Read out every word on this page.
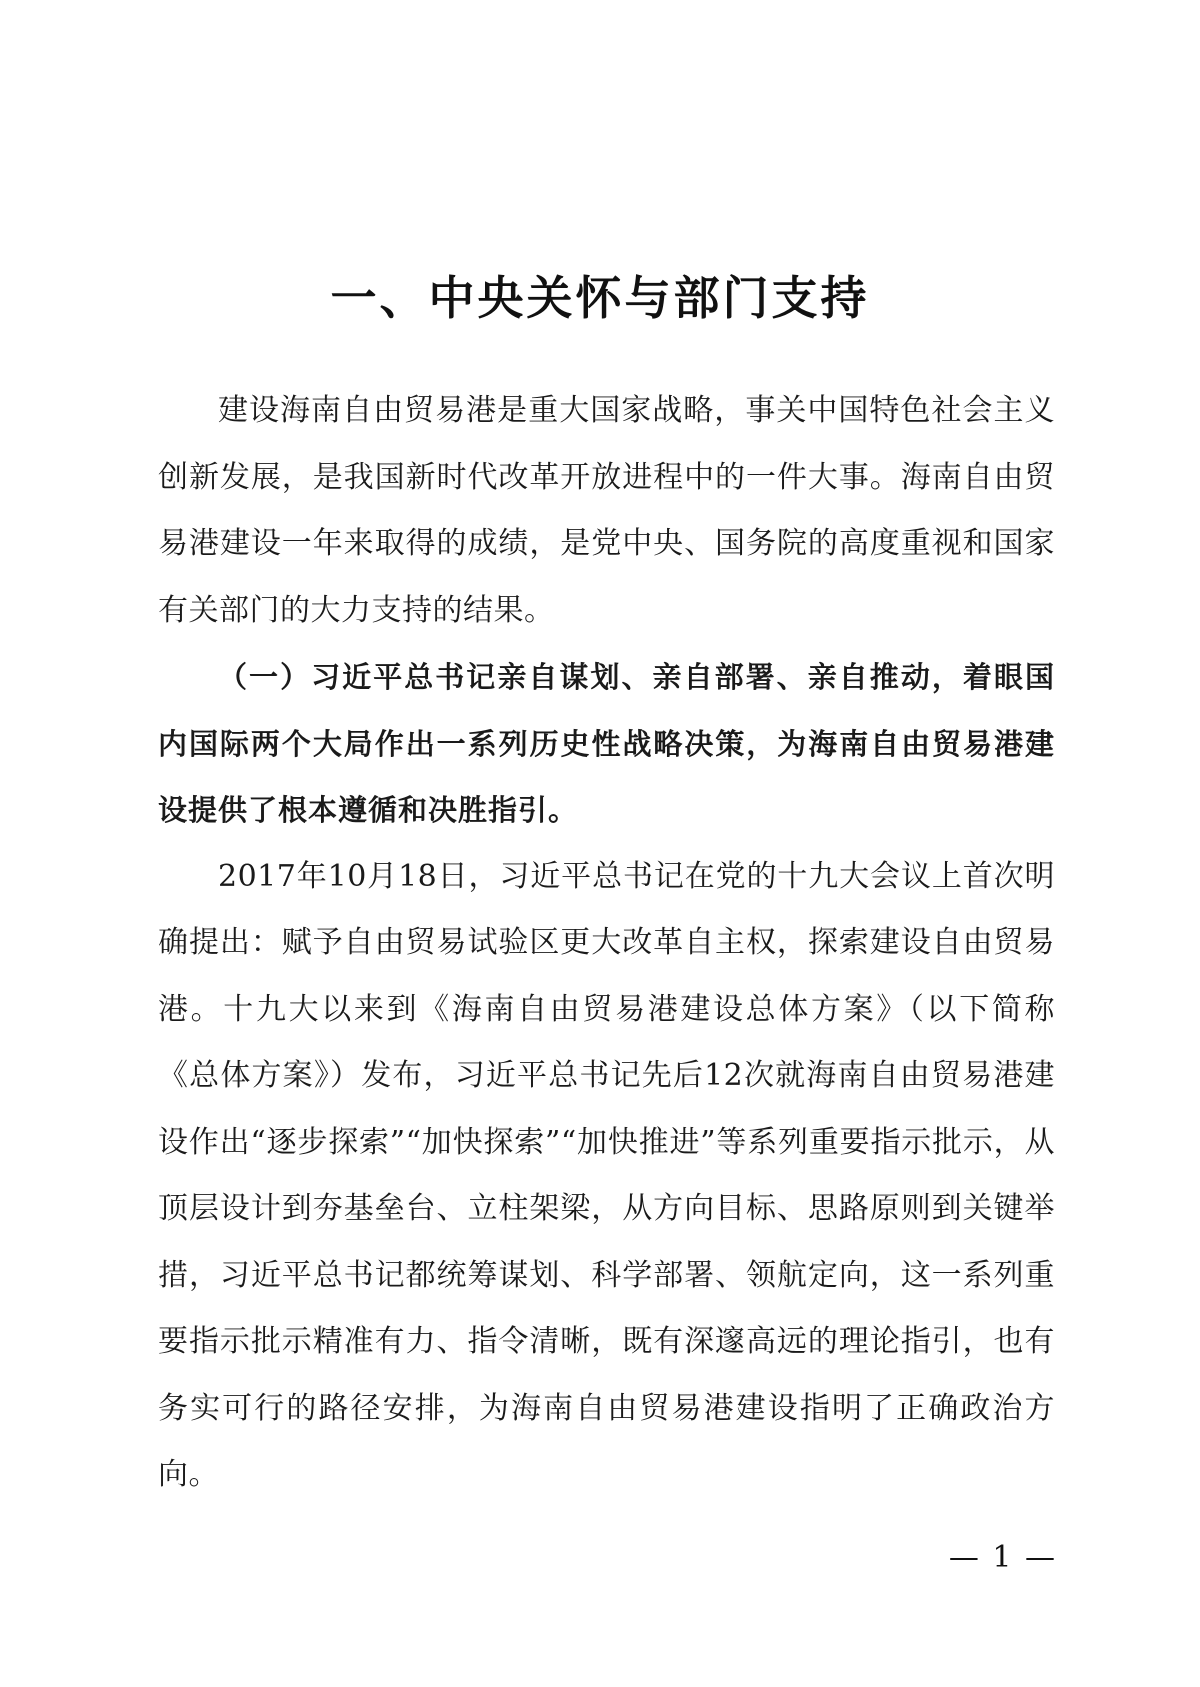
一、中央关怀与部门支持

建设海南自由贸易港是重大国家战略，事关中国特色社会主义创新发展，是我国新时代改革开放进程中的一件大事。海南自由贸易港建设一年来取得的成绩，是党中央、国务院的高度重视和国家有关部门的大力支持的结果。

（一）习近平总书记亲自谋划、亲自部署、亲自推动，着眼国内国际两个大局作出一系列历史性战略决策，为海南自由贸易港建设提供了根本遵循和决胜指引。

2017年10月18日，习近平总书记在党的十九大会议上首次明确提出：赋予自由贸易试验区更大改革自主权，探索建设自由贸易港。十九大以来到《海南自由贸易港建设总体方案》（以下简称《总体方案》）发布，习近平总书记先后12次就海南自由贸易港建设作出“逐步探索”“加快探索”“加快推进”等系列重要指示批示，从顶层设计到夯基垒台、立柱架梁，从方向目标、思路原则到关键举措，习近平总书记都统筹谋划、科学部署、领航定向，这一系列重要指示批示精准有力、指令清晰，既有深邃高远的理论指引，也有务实可行的路径安排，为海南自由贸易港建设指明了正确政治方向。

— 1 —
